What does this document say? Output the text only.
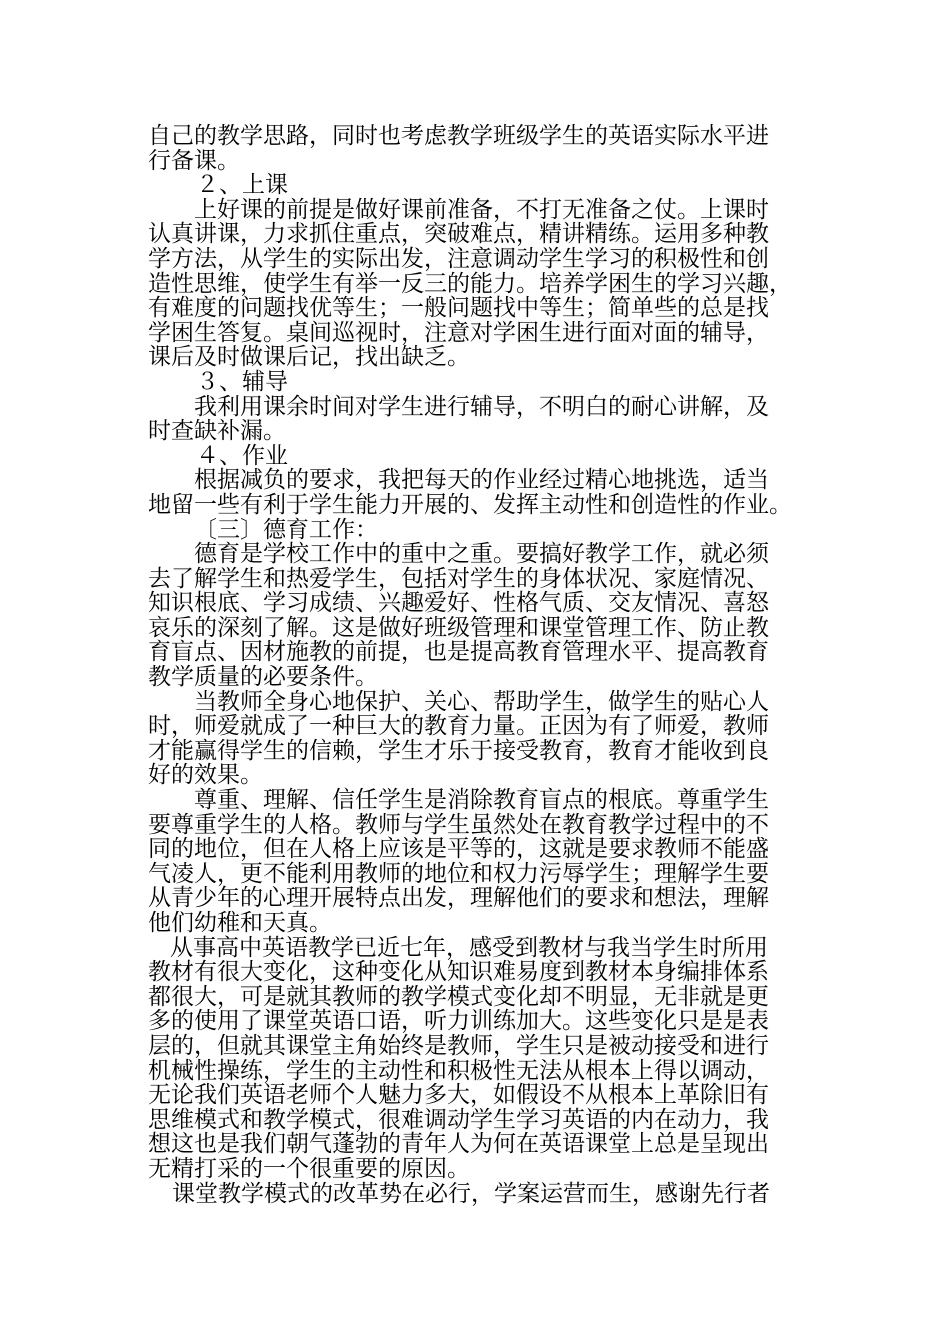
自己的教学思路，同时也考虑教学班级学生的英语实际水平进
行备课。
２、上课
上好课的前提是做好课前准备，不打无准备之仗。上课时
认真讲课，力求抓住重点，突破难点，精讲精练。运用多种教
学方法，从学生的实际出发，注意调动学生学习的积极性和创
造性思维，使学生有举一反三的能力。培养学困生的学习兴趣，
有难度的问题找优等生；一般问题找中等生；简单些的总是找
学困生答复。桌间巡视时，注意对学困生进行面对面的辅导，
课后及时做课后记，找出缺乏。
３、辅导
我利用课余时间对学生进行辅导，不明白的耐心讲解，及
时查缺补漏。
４、作业
根据减负的要求，我把每天的作业经过精心地挑选，适当
地留一些有利于学生能力开展的、发挥主动性和创造性的作业。
〔三〕德育工作：
德育是学校工作中的重中之重。要搞好教学工作，就必须
去了解学生和热爱学生，包括对学生的身体状况、家庭情况、
知识根底、学习成绩、兴趣爱好、性格气质、交友情况、喜怒
哀乐的深刻了解。这是做好班级管理和课堂管理工作、防止教
育盲点、因材施教的前提，也是提高教育管理水平、提高教育
教学质量的必要条件。
当教师全身心地保护、关心、帮助学生，做学生的贴心人
时，师爱就成了一种巨大的教育力量。正因为有了师爱，教师
才能赢得学生的信赖，学生才乐于接受教育，教育才能收到良
好的效果。
尊重、理解、信任学生是消除教育盲点的根底。尊重学生
要尊重学生的人格。教师与学生虽然处在教育教学过程中的不
同的地位，但在人格上应该是平等的，这就是要求教师不能盛
气凌人，更不能利用教师的地位和权力污辱学生；理解学生要
从青少年的心理开展特点出发，理解他们的要求和想法，理解
他们幼稚和天真。
从事高中英语教学已近七年，感受到教材与我当学生时所用
教材有很大变化，这种变化从知识难易度到教材本身编排体系
都很大，可是就其教师的教学模式变化却不明显，无非就是更
多的使用了课堂英语口语，听力训练加大。这些变化只是是表
层的，但就其课堂主角始终是教师，学生只是被动接受和进行
机械性操练，学生的主动性和积极性无法从根本上得以调动，
无论我们英语老师个人魅力多大，如假设不从根本上革除旧有
思维模式和教学模式，很难调动学生学习英语的内在动力，我
想这也是我们朝气蓬勃的青年人为何在英语课堂上总是呈现出
无精打采的一个很重要的原因。
课堂教学模式的改革势在必行，学案运营而生，感谢先行者
